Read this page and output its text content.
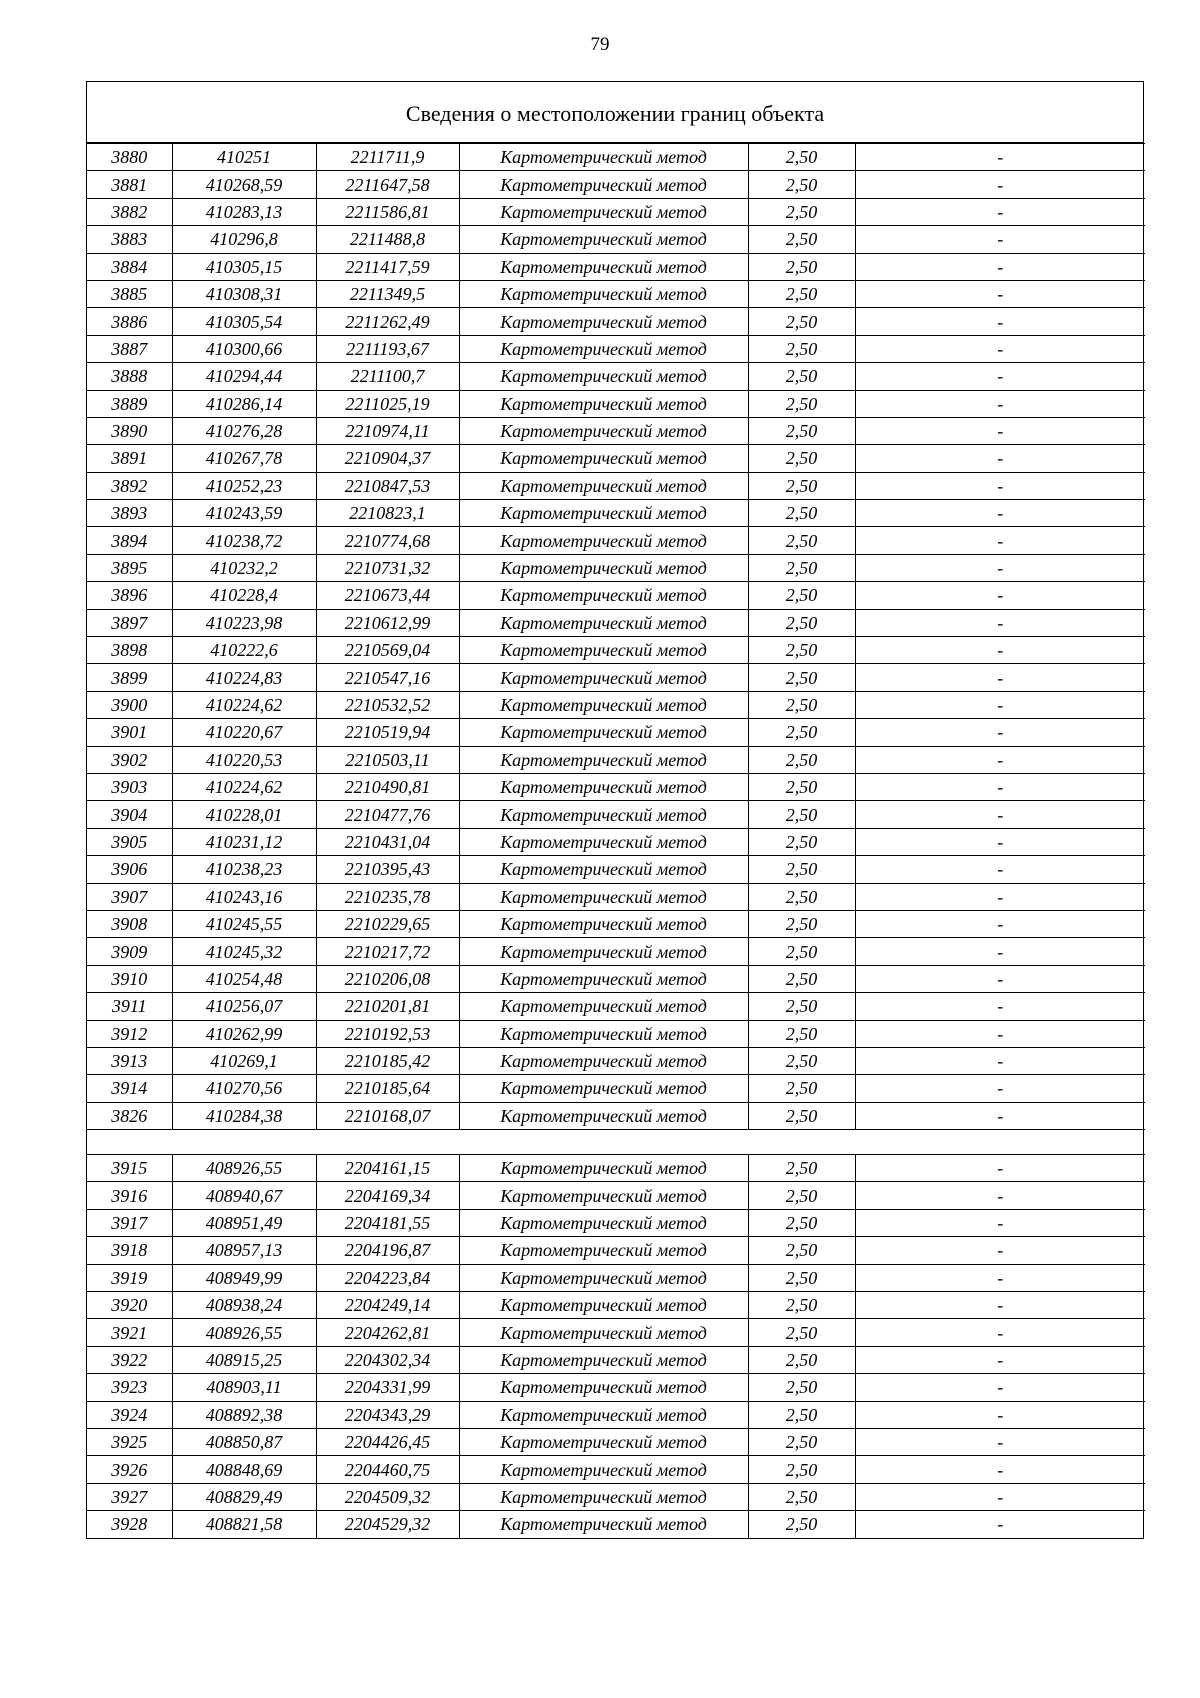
79
Сведения о местоположении границ объекта
3880	410251	2211711,9	Картометрический метод	2,50	-
3881	410268,59	2211647,58	Картометрический метод	2,50	-
3882	410283,13	2211586,81	Картометрический метод	2,50	-
3883	410296,8	2211488,8	Картометрический метод	2,50	-
3884	410305,15	2211417,59	Картометрический метод	2,50	-
3885	410308,31	2211349,5	Картометрический метод	2,50	-
3886	410305,54	2211262,49	Картометрический метод	2,50	-
3887	410300,66	2211193,67	Картометрический метод	2,50	-
3888	410294,44	2211100,7	Картометрический метод	2,50	-
3889	410286,14	2211025,19	Картометрический метод	2,50	-
3890	410276,28	2210974,11	Картометрический метод	2,50	-
3891	410267,78	2210904,37	Картометрический метод	2,50	-
3892	410252,23	2210847,53	Картометрический метод	2,50	-
3893	410243,59	2210823,1	Картометрический метод	2,50	-
3894	410238,72	2210774,68	Картометрический метод	2,50	-
3895	410232,2	2210731,32	Картометрический метод	2,50	-
3896	410228,4	2210673,44	Картометрический метод	2,50	-
3897	410223,98	2210612,99	Картометрический метод	2,50	-
3898	410222,6	2210569,04	Картометрический метод	2,50	-
3899	410224,83	2210547,16	Картометрический метод	2,50	-
3900	410224,62	2210532,52	Картометрический метод	2,50	-
3901	410220,67	2210519,94	Картометрический метод	2,50	-
3902	410220,53	2210503,11	Картометрический метод	2,50	-
3903	410224,62	2210490,81	Картометрический метод	2,50	-
3904	410228,01	2210477,76	Картометрический метод	2,50	-
3905	410231,12	2210431,04	Картометрический метод	2,50	-
3906	410238,23	2210395,43	Картометрический метод	2,50	-
3907	410243,16	2210235,78	Картометрический метод	2,50	-
3908	410245,55	2210229,65	Картометрический метод	2,50	-
3909	410245,32	2210217,72	Картометрический метод	2,50	-
3910	410254,48	2210206,08	Картометрический метод	2,50	-
3911	410256,07	2210201,81	Картометрический метод	2,50	-
3912	410262,99	2210192,53	Картометрический метод	2,50	-
3913	410269,1	2210185,42	Картометрический метод	2,50	-
3914	410270,56	2210185,64	Картометрический метод	2,50	-
3826	410284,38	2210168,07	Картометрический метод	2,50	-

3915	408926,55	2204161,15	Картометрический метод	2,50	-
3916	408940,67	2204169,34	Картометрический метод	2,50	-
3917	408951,49	2204181,55	Картометрический метод	2,50	-
3918	408957,13	2204196,87	Картометрический метод	2,50	-
3919	408949,99	2204223,84	Картометрический метод	2,50	-
3920	408938,24	2204249,14	Картометрический метод	2,50	-
3921	408926,55	2204262,81	Картометрический метод	2,50	-
3922	408915,25	2204302,34	Картометрический метод	2,50	-
3923	408903,11	2204331,99	Картометрический метод	2,50	-
3924	408892,38	2204343,29	Картометрический метод	2,50	-
3925	408850,87	2204426,45	Картометрический метод	2,50	-
3926	408848,69	2204460,75	Картометрический метод	2,50	-
3927	408829,49	2204509,32	Картометрический метод	2,50	-
3928	408821,58	2204529,32	Картометрический метод	2,50	-
